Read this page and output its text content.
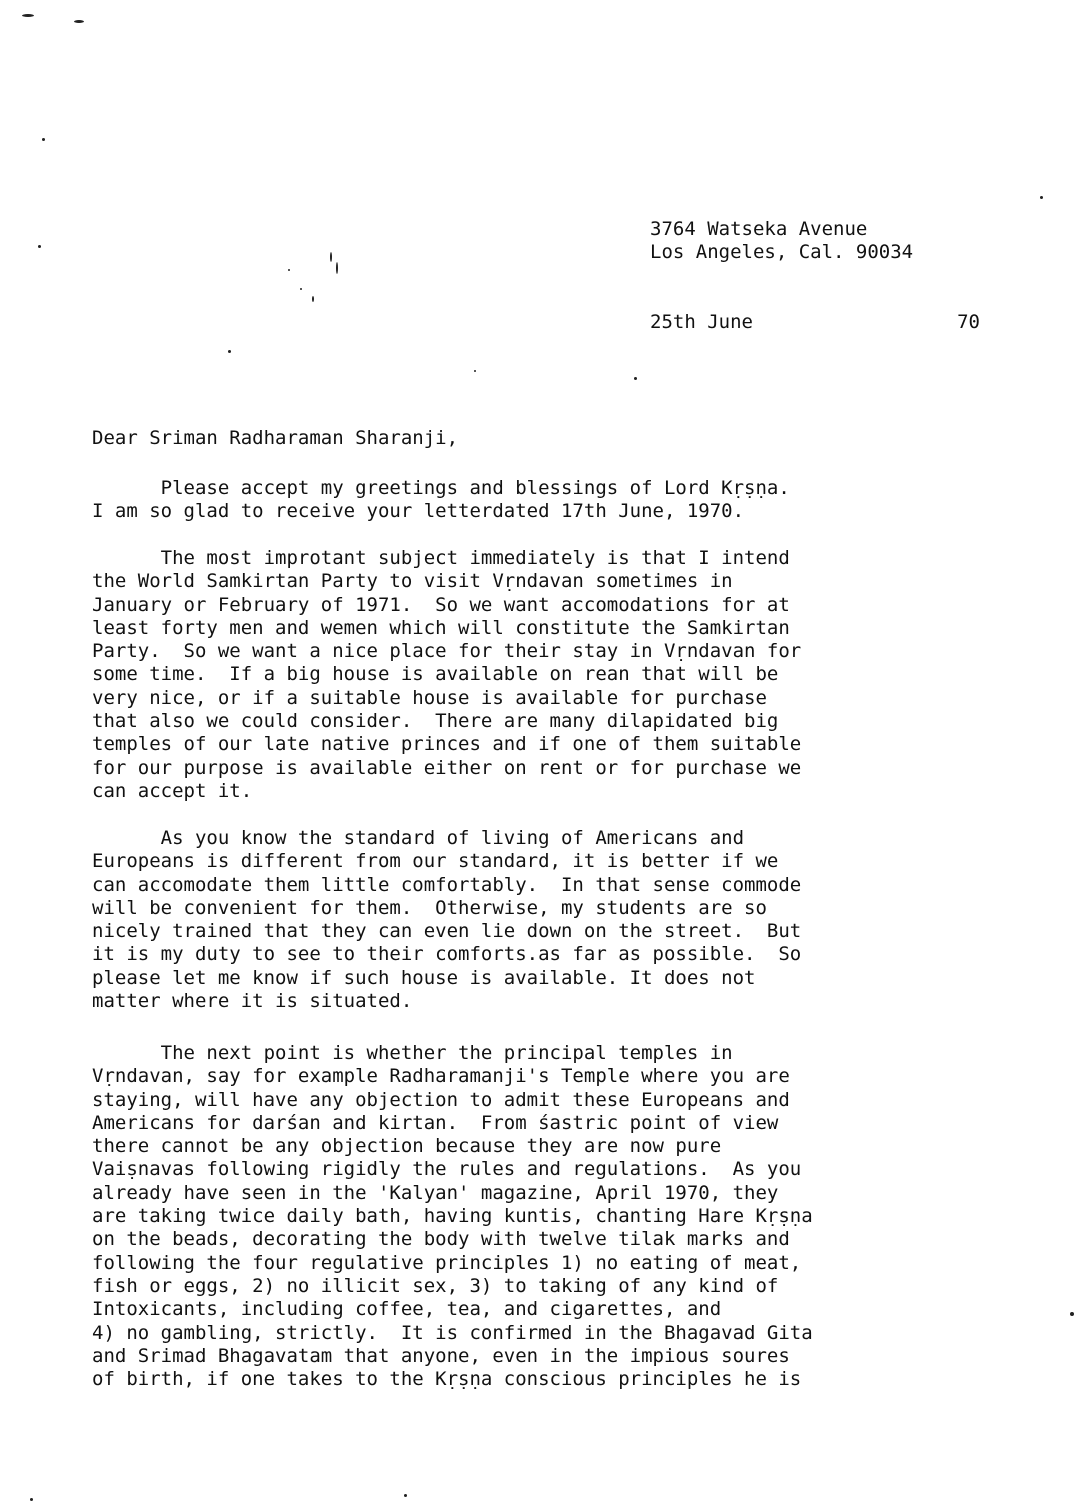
3764 Watseka Avenue
Los Angeles, Cal. 90034
25th June	70
Dear Sriman Radharaman Sharanji,
Please accept my greetings and blessings of Lord Kṛṣṇa.
I am so glad to receive your letterdated 17th June, 1970.
The most improtant subject immediately is that I intend
the World Samkirtan Party to visit Vṛndavan sometimes in
January or February of 1971.  So we want accomodations for at
least forty men and wemen which will constitute the Samkirtan
Party.  So we want a nice place for their stay in Vṛndavan for
some time.  If a big house is available on rean that will be
very nice, or if a suitable house is available for purchase
that also we could consider.  There are many dilapidated big
temples of our late native princes and if one of them suitable
for our purpose is available either on rent or for purchase we
can accept it.
As you know the standard of living of Americans and
Europeans is different from our standard, it is better if we
can accomodate them little comfortably.  In that sense commode
will be convenient for them.  Otherwise, my students are so
nicely trained that they can even lie down on the street.  But
it is my duty to see to their comforts.as far as possible.  So
please let me know if such house is available. It does not
matter where it is situated.
The next point is whether the principal temples in
Vṛndavan, say for example Radharamanji's Temple where you are
staying, will have any objection to admit these Europeans and
Americans for darśan and kirtan.  From śastric point of view
there cannot be any objection because they are now pure
Vaiṣnavas following rigidly the rules and regulations.  As you
already have seen in the 'Kalyan' magazine, April 1970, they
are taking twice daily bath, having kuntis, chanting Hare Kṛṣṇa
on the beads, decorating the body with twelve tilak marks and
following the four regulative principles 1) no eating of meat,
fish or eggs, 2) no illicit sex, 3) to taking of any kind of
Intoxicants, including coffee, tea, and cigarettes, and
4) no gambling, strictly.  It is confirmed in the Bhagavad Gita
and Srimad Bhagavatam that anyone, even in the impious soures
of birth, if one takes to the Kṛṣṇa conscious principles he is
